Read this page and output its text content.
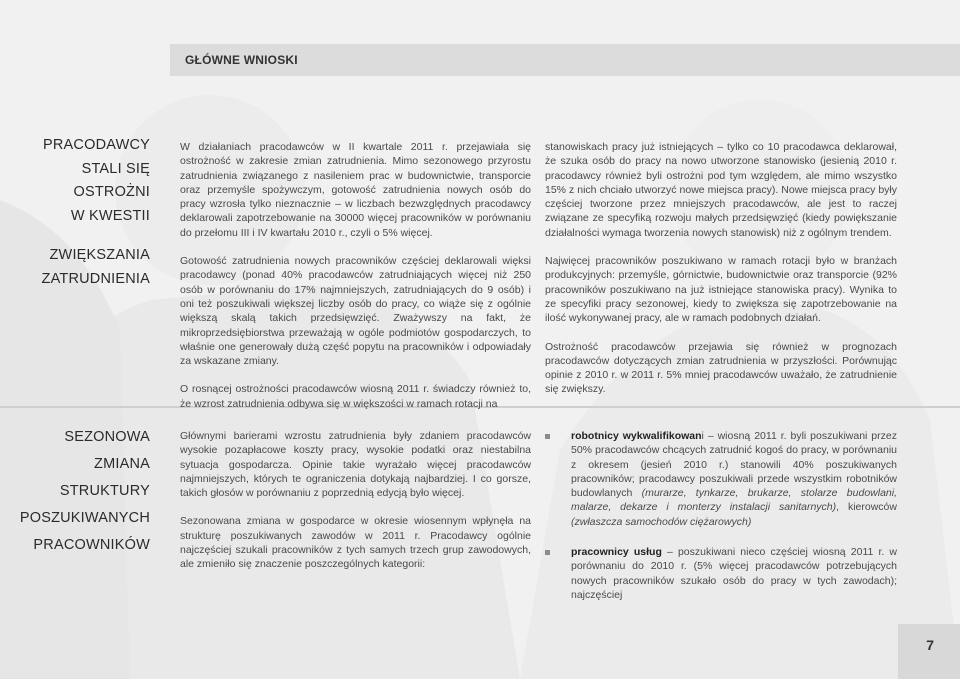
GŁÓWNE WNIOSKI
PRACODAWCY
STALI SIĘ
OSTROŻNI
W KWESTII
ZWIĘKSZANIA
ZATRUDNIENIA

W działaniach pracodawców w II kwartale 2011 r. przejawiała się ostrożność w zakresie zmian zatrudnienia. Mimo sezonowego przyrostu zatrudnienia związanego z nasileniem prac w budownictwie, transporcie oraz przemyśle spożywczym, gotowość zatrudnienia nowych osób do pracy wzrosła tylko nieznacznie – w liczbach bezwzględnych pracodawcy deklarowali zapotrzebowanie na 30000 więcej pracowników w porównaniu do przełomu III i IV kwartału 2010 r., czyli o 5% więcej.

Gotowość zatrudnienia nowych pracowników częściej deklarowali więksi pracodawcy (ponad 40% pracodawców zatrudniających więcej niż 250 osób w porównaniu do 17% najmniejszych, zatrudniających do 9 osób) i oni też poszukiwali większej liczby osób do pracy, co wiąże się z ogólnie większą skalą takich przedsięwzięć. Zważywszy na fakt, że mikroprzedsiębiorstwa przeważają w ogóle podmiotów gospodarczych, to właśnie one generowały dużą część popytu na pracowników i odpowiadały za wskazane zmiany.

O rosnącej ostrożności pracodawców wiosną 2011 r. świadczy również to, że wzrost zatrudnienia odbywa się w większości w ramach rotacji na

stanowiskach pracy już istniejących – tylko co 10 pracodawca deklarował, że szuka osób do pracy na nowo utworzone stanowisko (jesienią 2010 r. pracodawcy również byli ostrożni pod tym względem, ale mimo wszystko 15% z nich chciało utworzyć nowe miejsca pracy). Nowe miejsca pracy były częściej tworzone przez mniejszych pracodawców, ale jest to raczej związane ze specyfiką rozwoju małych przedsięwzięć (kiedy powiększanie działalności wymaga tworzenia nowych stanowisk) niż z ogólnym trendem.

Najwięcej pracowników poszukiwano w ramach rotacji było w branżach produkcyjnych: przemyśle, górnictwie, budownictwie oraz transporcie (92% pracowników poszukiwano na już istniejące stanowiska pracy). Wynika to ze specyfiki pracy sezonowej, kiedy to zwiększa się zapotrzebowanie na ilość wykonywanej pracy, ale w ramach podobnych działań.

Ostrożność pracodawców przejawia się również w prognozach pracodawców dotyczących zmian zatrudnienia w przyszłości. Porównując opinie z 2010 r. w 2011 r. 5% mniej pracodawców uważało, że zatrudnienie się zwiększy.

SEZONOWA ZMIANA
STRUKTURY
POSZUKIWANYCH
PRACOWNIKÓW

Głównymi barierami wzrostu zatrudnienia były zdaniem pracodawców wysokie pozapłacowe koszty pracy, wysokie podatki oraz niestabilna sytuacja gospodarcza. Opinie takie wyrażało więcej pracodawców najmniejszych, których te ograniczenia dotykają najbardziej. I co gorsze, takich głosów w porównaniu z poprzednią edycją było więcej.

Sezonowana zmiana w gospodarce w okresie wiosennym wpłynęła na strukturę poszukiwanych zawodów w 2011 r. Pracodawcy ogólnie najczęściej szukali pracowników z tych samych trzech grup zawodowych, ale zmieniło się znaczenie poszczególnych kategorii:

robotnicy wykwalifikowani – wiosną 2011 r. byli poszukiwani przez 50% pracodawców chcących zatrudnić kogoś do pracy, w porównaniu z okresem (jesień 2010 r.) stanowili 40% poszukiwanych pracowników; pracodawcy poszukiwali przede wszystkim robotników budowlanych (murarze, tynkarze, brukarze, stolarze budowlani, malarze, dekarze i monterzy instalacji sanitarnych), kierowców (zwłaszcza samochodów ciężarowych)
pracownicy usług – poszukiwani nieco częściej wiosną 2011 r. w porównaniu do 2010 r. (5% więcej pracodawców potrzebujących nowych pracowników szukało osób do pracy w tych zawodach); najczęściej
7
